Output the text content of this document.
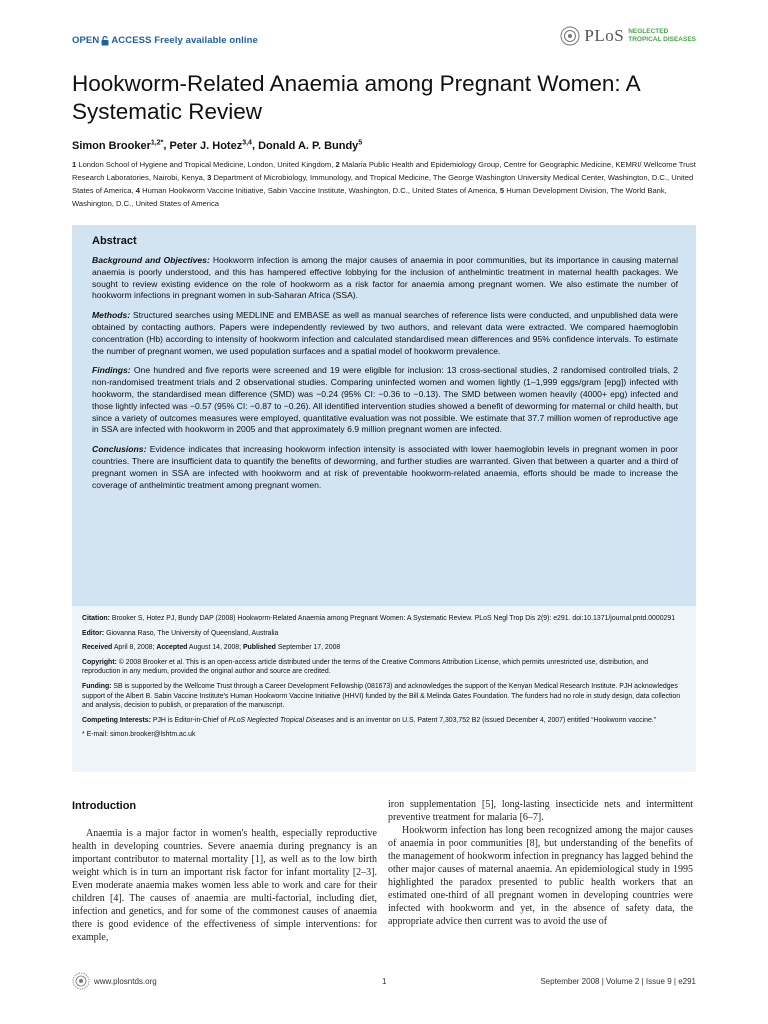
OPEN ACCESS Freely available online	PLoS NEGLECTED
TROPICAL DISEASES
Hookworm-Related Anaemia among Pregnant Women: A Systematic Review
Simon Brooker$^{1,2*}$, Peter J. Hotez$^{3,4}$, Donald A. P. Bundy$^5$
1 London School of Hygiene and Tropical Medicine, London, United Kingdom, 2 Malaria Public Health and Epidemiology Group, Centre for Geographic Medicine, KEMRI/ Wellcome Trust Research Laboratories, Nairobi, Kenya, 3 Department of Microbiology, Immunology, and Tropical Medicine, The George Washington University Medical Center, Washington, D.C., United States of America, 4 Human Hookworm Vaccine Initiative, Sabin Vaccine Institute, Washington, D.C., United States of America, 5 Human Development Division, The World Bank, Washington, D.C., United States of America
Abstract

Background and Objectives: Hookworm infection is among the major causes of anaemia in poor communities, but its importance in causing maternal anaemia is poorly understood, and this has hampered effective lobbying for the inclusion of anthelmintic treatment in maternal health packages. We sought to review existing evidence on the role of hookworm as a risk factor for anaemia among pregnant women. We also estimate the number of hookworm infections in pregnant women in sub-Saharan Africa (SSA).

Methods: Structured searches using MEDLINE and EMBASE as well as manual searches of reference lists were conducted, and unpublished data were obtained by contacting authors. Papers were independently reviewed by two authors, and relevant data were extracted. We compared haemoglobin concentration (Hb) according to intensity of hookworm infection and calculated standardised mean differences and 95% confidence intervals. To estimate the number of pregnant women, we used population surfaces and a spatial model of hookworm prevalence.

Findings: One hundred and five reports were screened and 19 were eligible for inclusion: 13 cross-sectional studies, 2 randomised controlled trials, 2 non-randomised treatment trials and 2 observational studies. Comparing uninfected women and women lightly (1–1,999 eggs/gram [epg]) infected with hookworm, the standardised mean difference (SMD) was −0.24 (95% CI: −0.36 to −0.13). The SMD between women heavily (4000+ epg) infected and those lightly infected was −0.57 (95% CI: −0.87 to −0.26). All identified intervention studies showed a benefit of deworming for maternal or child health, but since a variety of outcomes measures were employed, quantitative evaluation was not possible. We estimate that 37.7 million women of reproductive age in SSA are infected with hookworm in 2005 and that approximately 6.9 million pregnant women are infected.

Conclusions: Evidence indicates that increasing hookworm infection intensity is associated with lower haemoglobin levels in pregnant women in poor countries. There are insufficient data to quantify the benefits of deworming, and further studies are warranted. Given that between a quarter and a third of pregnant women in SSA are infected with hookworm and at risk of preventable hookworm-related anaemia, efforts should be made to increase the coverage of anthelmintic treatment among pregnant women.

Citation: Brooker S, Hotez PJ, Bundy DAP (2008) Hookworm-Related Anaemia among Pregnant Women: A Systematic Review. PLoS Negl Trop Dis 2(9): e291. doi:10.1371/journal.pntd.0000291

Editor: Giovanna Raso, The University of Queensland, Australia

Received April 8, 2008; Accepted August 14, 2008; Published September 17, 2008

Copyright: © 2008 Brooker et al. This is an open-access article distributed under the terms of the Creative Commons Attribution License, which permits unrestricted use, distribution, and reproduction in any medium, provided the original author and source are credited.

Funding: SB is supported by the Wellcome Trust through a Career Development Fellowship (081673) and acknowledges the support of the Kenyan Medical Research Institute. PJH acknowledges support of the Albert B. Sabin Vaccine Institute's Human Hookworm Vaccine Initiative (HHVI) funded by the Bill & Melinda Gates Foundation. The funders had no role in study design, data collection and analysis, decision to publish, or preparation of the manuscript.

Competing Interests: PJH is Editor-in-Chief of PLoS Neglected Tropical Diseases and is an inventor on U.S. Patent 7,303,752 B2 (issued December 4, 2007) entitled “Hookworm vaccine.”

* E-mail: simon.brooker@lshtm.ac.uk

Introduction

Anaemia is a major factor in women's health, especially reproductive health in developing countries. Severe anaemia during pregnancy is an important contributor to maternal mortality [1], as well as to the low birth weight which is in turn an important risk factor for infant mortality [2–3]. Even moderate anaemia makes women less able to work and care for their children [4]. The causes of anaemia are multi-factorial, including diet, infection and genetics, and for some of the commonest causes of anaemia there is good evidence of the effectiveness of simple interventions: for example,

iron supplementation [5], long-lasting insecticide nets and intermittent preventive treatment for malaria [6–7].

Hookworm infection has long been recognized among the major causes of anaemia in poor communities [8], but understanding of the benefits of the management of hookworm infection in pregnancy has lagged behind the other major causes of maternal anaemia. An epidemiological study in 1995 highlighted the paradox presented to public health workers that an estimated one-third of all pregnant women in developing countries were infected with hookworm and yet, in the absence of safety data, the appropriate advice then current was to avoid the use of

www.plosntds.org	1	September 2008 | Volume 2 | Issue 9 | e291
